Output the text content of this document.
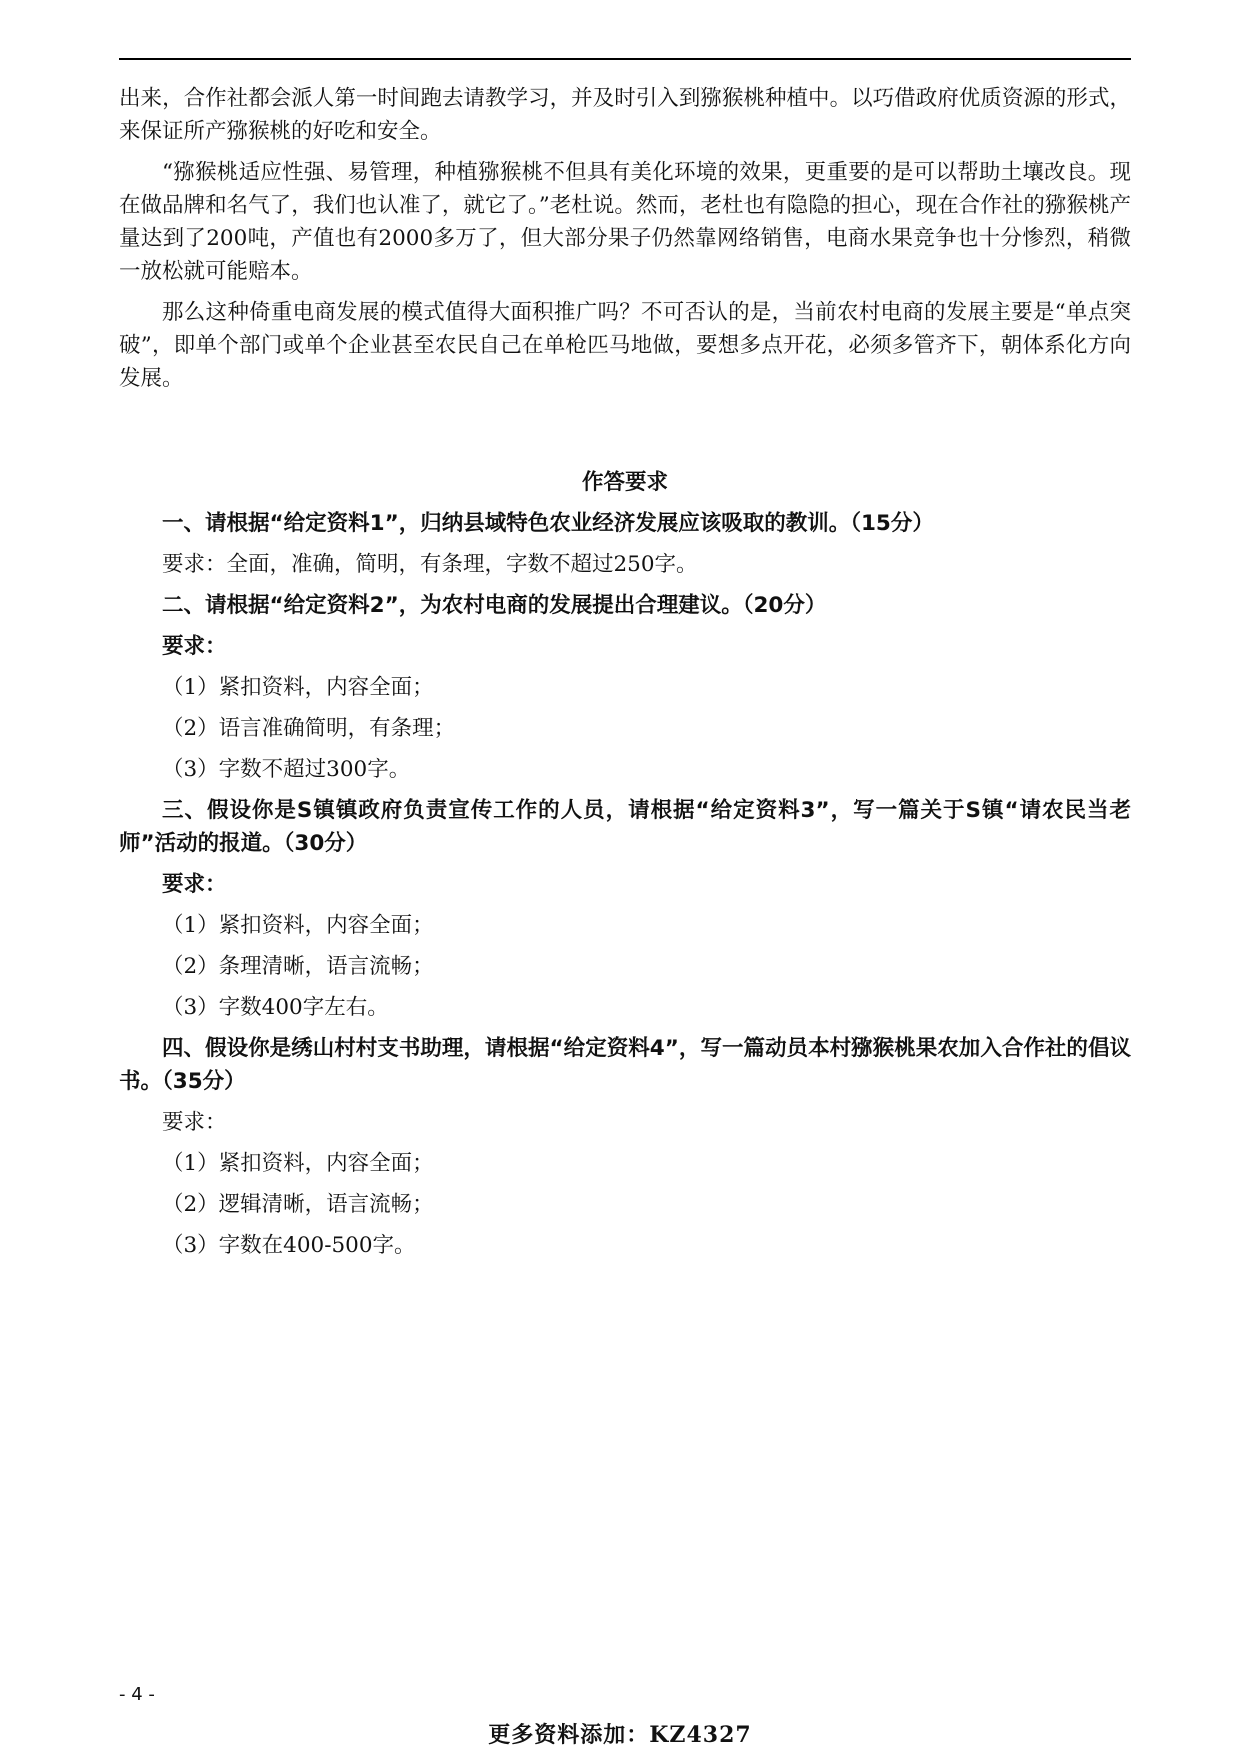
出来，合作社都会派人第一时间跑去请教学习，并及时引入到猕猴桃种植中。以巧借政府优质资源的形式，来保证所产猕猴桃的好吃和安全。

“猕猴桃适应性强、易管理，种植猕猴桃不但具有美化环境的效果，更重要的是可以帮助土壤改良。现在做品牌和名气了，我们也认准了，就它了。”老杜说。然而，老杜也有隐隐的担心，现在合作社的猕猴桃产量达到了200吨，产值也有2000多万了，但大部分果子仍然靠网络销售，电商水果竞争也十分惨烈，稍微一放松就可能赔本。

那么这种倚重电商发展的模式值得大面积推广吗？不可否认的是，当前农村电商的发展主要是“单点突破”，即单个部门或单个企业甚至农民自己在单枪匹马地做，要想多点开花，必须多管齐下，朝体系化方向发展。

作答要求

一、请根据“给定资料1”，归纳县域特色农业经济发展应该吸取的教训。（15分）

要求：全面，准确，简明，有条理，字数不超过250字。

二、请根据“给定资料2”，为农村电商的发展提出合理建议。（20分）

要求：

（1）紧扣资料，内容全面；

（2）语言准确简明，有条理；

（3）字数不超过300字。

三、假设你是S镇镇政府负责宣传工作的人员，请根据“给定资料3”，写一篇关于S镇“请农民当老师”活动的报道。（30分）

要求：

（1）紧扣资料，内容全面；

（2）条理清晰，语言流畅；

（3）字数400字左右。

四、假设你是绣山村村支书助理，请根据“给定资料4”，写一篇动员本村猕猴桃果农加入合作社的倡议书。（35分）

要求：

（1）紧扣资料，内容全面；

（2）逻辑清晰，语言流畅；

（3）字数在400-500字。

- 4 -
更多资料添加：KZ4327
